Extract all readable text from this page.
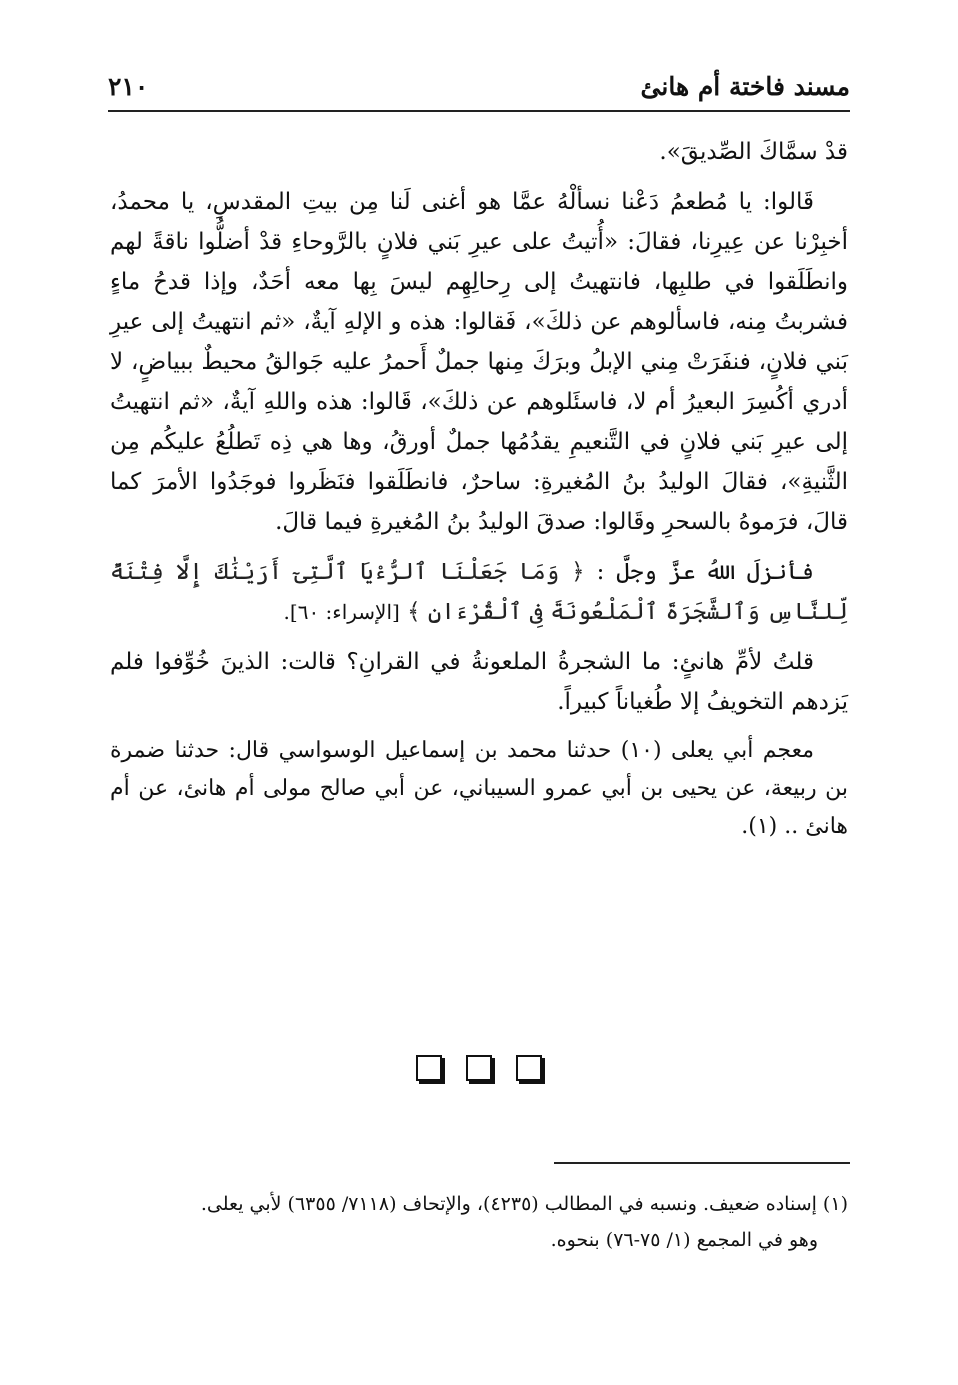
مسند فاختة أم هانئ
٢١٠

قدْ سمَّاكَ الصِّديقَ».

قَالوا: يا مُطعمُ دَعْنا نسألْهُ عمَّا هو أغنى لَنا مِن بيتِ المقدسِ، يا محمدُ، أخبِرْنا عن عِيرِنا، فقالَ: «أُتيتُ على عيرِ بَني فلانٍ بالرَّوحاءِ قدْ أضلُّوا ناقةً لهم وانطَلَقوا في طلبِها، فانتهيتُ إلى رِحالِهِم ليسَ بِها معه أحَدٌ، وإذا قدحُ ماءٍ فشربتُ مِنه، فاسألوهم عن ذلكَ»، فَقالوا: هذه و الإلهِ آيةٌ، «ثم انتهيتُ إلى عيرِ بَني فلانٍ، فنفَرَتْ مِني الإبلُ وبرَكَ مِنها جملٌ أَحمرُ عليه جَوالقُ محيطٌ ببياضٍ، لا أدري أكُسِرَ البعيرُ أم لا، فاسئَلوهم عن ذلكَ»، قَالوا: هذه واللهِ آيةٌ، «ثم انتهيتُ إلى عيرِ بَني فلانٍ في التَّنعيمِ يقدُمُها جملٌ أورقُ، وها هي ذِه تَطلُعُ عليكُم مِن الثَّنيةِ»، فقالَ الوليدُ بنُ المُغيرةِ: ساحرٌ، فانطَلَقوا فنَظَروا فوجَدُوا الأمرَ كما قالَ، فرَموهُ بالسحرِ وقَالوا: صدقَ الوليدُ بنُ المُغيرةِ فيما قالَ.

فأنزلَ اللهُ عزَّ وجلَّ : ﴿ وَمَا جَعَلْنَا ٱلرُّءْيَا ٱلَّتِىٓ أَرَيْنَٰكَ إِلَّا فِتْنَةً لِّلنَّاسِ وَٱلشَّجَرَةَ ٱلْمَلْعُونَةَ فِى ٱلْقُرْءَانِ ﴾ [الإسراء: ٦٠].

قلتُ لأمِّ هانئٍ: ما الشجرةُ الملعونةُ في القرانِ؟ قالت: الذينَ خُوِّفوا فلم يَزدهم التخويفُ إلا طُغياناً كبيراً.

معجم أبي يعلى (١٠) حدثنا محمد بن إسماعيل الوسواسي قال: حدثنا ضمرة بن ربيعة، عن يحيى بن أبي عمرو السيباني، عن أبي صالح مولى أم هانئ، عن أم هانئ .. (١).

(١) إسناده ضعيف. ونسبه في المطالب (٤٢٣٥)، والإتحاف (٧١١٨/ ٦٣٥٥) لأبي يعلى.

وهو في المجمع (١/ ٧٥-٧٦) بنحوه.
